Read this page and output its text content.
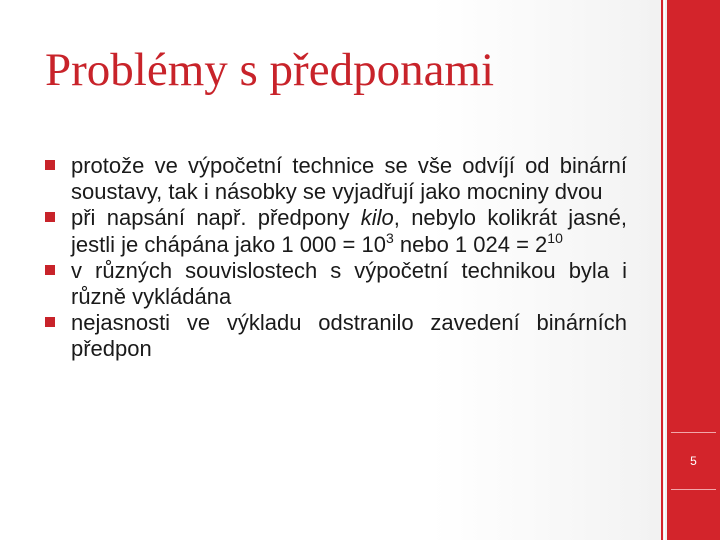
Problémy s předponami
protože ve výpočetní technice se vše odvíjí od binární soustavy, tak i násobky se vyjadřují jako mocniny dvou
při napsání např. předpony kilo, nebylo kolikrát jasné, jestli je chápána jako 1 $000 = 10^3$ nebo 1 $024 = 2^{10}$
v různých souvislostech s výpočetní technikou byla i různě vykládána
nejasnosti ve výkladu odstranilo zavedení binárních předpon
5
